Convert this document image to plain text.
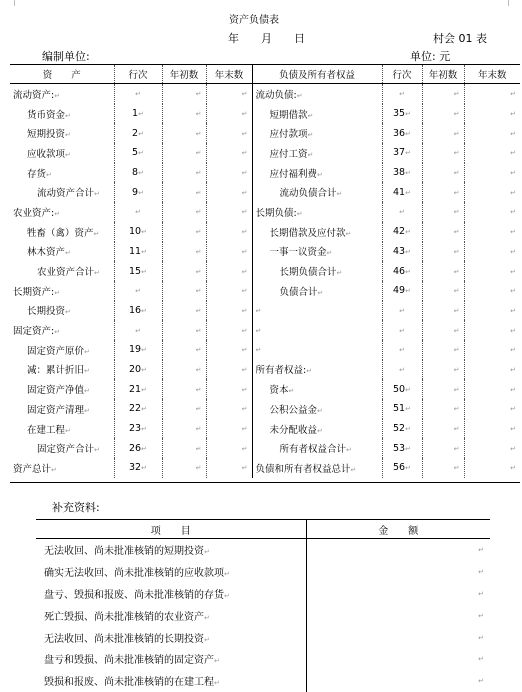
资产负债表
年　　月　　日	村会 01 表
编制单位:	单位: 元
资　　产	行次	年初数	年末数	负债及所有者权益	行次	年初数	年末数
流动资产:↵	↵	↵	↵	流动负债:↵	↵	↵	↵
货币资金↵	1↵	↵	↵	短期借款↵	35↵	↵	↵
短期投资↵	2↵	↵	↵	应付款项↵	36↵	↵	↵
应收款项↵	5↵	↵	↵	应付工资↵	37↵	↵	↵
存货↵	8↵	↵	↵	应付福利费↵	38↵	↵	↵
流动资产合计↵	9↵	↵	↵	流动负债合计↵	41↵	↵	↵
农业资产:↵	↵	↵	↵	长期负债:↵	↵	↵	↵
牲畜（禽）资产↵	10↵	↵	↵	长期借款及应付款↵	42↵	↵	↵
林木资产↵	11↵	↵	↵	一事一议资金↵	43↵	↵	↵
农业资产合计↵	15↵	↵	↵	长期负债合计↵	46↵	↵	↵
长期资产:↵	↵	↵	↵	负债合计↵	49↵	↵	↵
长期投资↵	16↵	↵	↵	↵	↵	↵	↵
固定资产:↵	↵	↵	↵	↵	↵	↵	↵
固定资产原价↵	19↵	↵	↵	↵	↵	↵	↵
减：累计折旧↵	20↵	↵	↵	所有者权益:↵	↵	↵	↵
固定资产净值↵	21↵	↵	↵	资本↵	50↵	↵	↵
固定资产清理↵	22↵	↵	↵	公积公益金↵	51↵	↵	↵
在建工程↵	23↵	↵	↵	未分配收益↵	52↵	↵	↵
固定资产合计↵	26↵	↵	↵	所有者权益合计↵	53↵	↵	↵
资产总计↵	32↵	↵	↵	负债和所有者权益总计↵	56↵	↵	↵
补充资料:
项　　目	金　　额
无法收回、尚未批准核销的短期投资↵	↵
确实无法收回、尚未批准核销的应收款项↵	↵
盘亏、毁损和报废、尚未批准核销的存货↵	↵
死亡毁损、尚未批准核销的农业资产↵	↵
无法收回、尚未批准核销的长期投资↵	↵
盘亏和毁损、尚未批准核销的固定资产↵	↵
毁损和报废、尚未批准核销的在建工程↵	↵
